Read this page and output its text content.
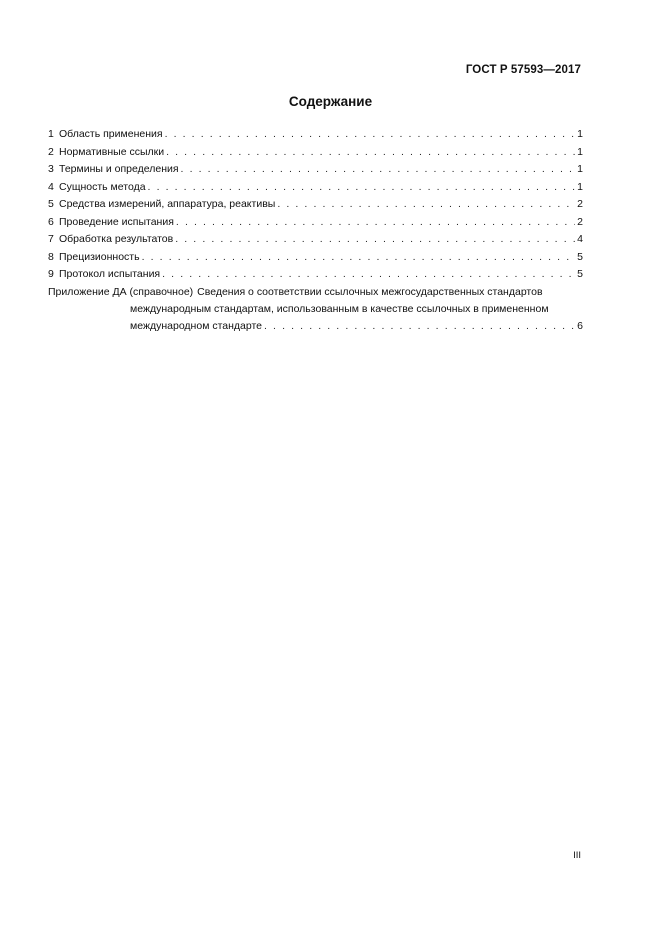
ГОСТ Р 57593—2017
Содержание
1 Область применения . . .	1
2 Нормативные ссылки . . .	1
3 Термины и определения . . .	1
4 Сущность метода . . .	1
5 Средства измерений, аппаратура, реактивы . . .	2
6 Проведение испытания . . .	2
7 Обработка результатов . . .	4
8 Прецизионность . . .	5
9 Протокол испытания . . .	5
Приложение ДА (справочное) Сведения о соответствии ссылочных межгосударственных стандартов
международным стандартам, использованным в качестве ссылочных в примененном
международном стандарте . . .	6
III
